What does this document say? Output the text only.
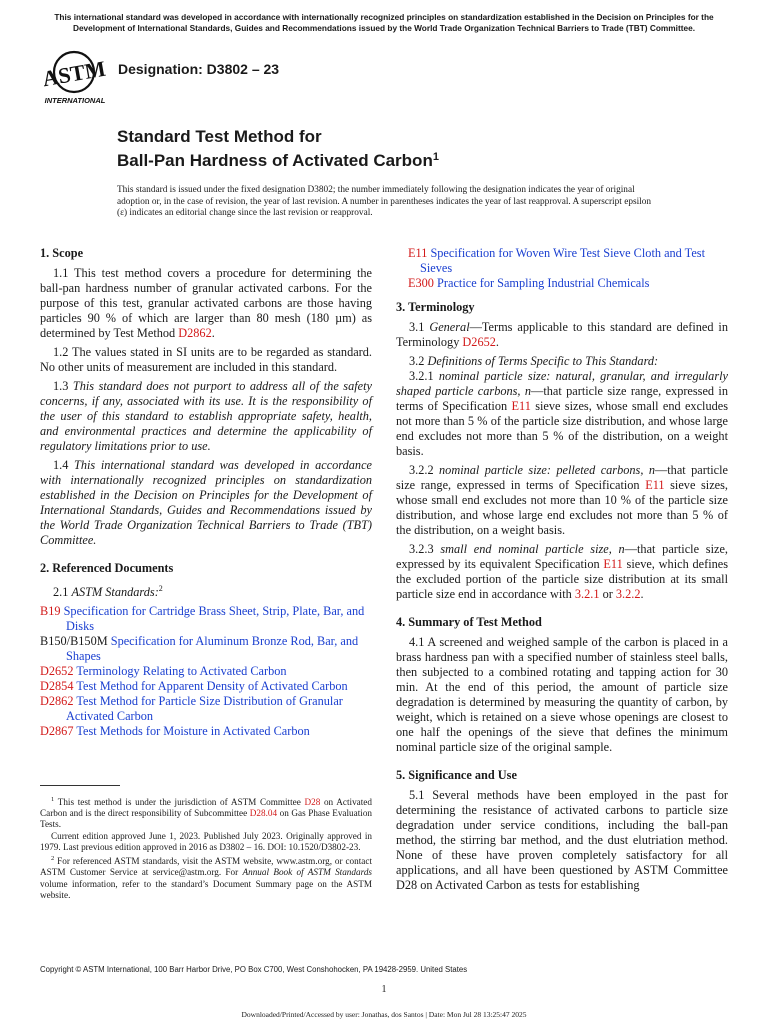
This international standard was developed in accordance with internationally recognized principles on standardization established in the Decision on Principles for the Development of International Standards, Guides and Recommendations issued by the World Trade Organization Technical Barriers to Trade (TBT) Committee.
ASTM
INTERNATIONAL
Designation: D3802 – 23
Standard Test Method for
Ball-Pan Hardness of Activated Carbon$^1$
This standard is issued under the fixed designation D3802; the number immediately following the designation indicates the year of original adoption or, in the case of revision, the year of last revision. A number in parentheses indicates the year of last reapproval. A superscript epsilon (ε) indicates an editorial change since the last revision or reapproval.
1. Scope

1.1 This test method covers a procedure for determining the ball-pan hardness number of granular activated carbons. For the purpose of this test, granular activated carbons are those having particles 90 % of which are larger than 80 mesh (180 µm) as determined by Test Method D2862.

1.2 The values stated in SI units are to be regarded as standard. No other units of measurement are included in this standard.

1.3 This standard does not purport to address all of the safety concerns, if any, associated with its use. It is the responsibility of the user of this standard to establish appropriate safety, health, and environmental practices and determine the applicability of regulatory limitations prior to use.

1.4 This international standard was developed in accordance with internationally recognized principles on standardization established in the Decision on Principles for the Development of International Standards, Guides and Recommendations issued by the World Trade Organization Technical Barriers to Trade (TBT) Committee.

2. Referenced Documents

2.1 ASTM Standards:$^2$

B19 Specification for Cartridge Brass Sheet, Strip, Plate, Bar, and Disks
B150/B150M Specification for Aluminum Bronze Rod, Bar, and Shapes
D2652 Terminology Relating to Activated Carbon
D2854 Test Method for Apparent Density of Activated Carbon
D2862 Test Method for Particle Size Distribution of Granular Activated Carbon
D2867 Test Methods for Moisture in Activated Carbon

$^1$ This test method is under the jurisdiction of ASTM Committee D28 on Activated Carbon and is the direct responsibility of Subcommittee D28.04 on Gas Phase Evaluation Tests.

Current edition approved June 1, 2023. Published July 2023. Originally approved in 1979. Last previous edition approved in 2016 as D3802 – 16. DOI: 10.1520/D3802-23.

$^2$ For referenced ASTM standards, visit the ASTM website, www.astm.org, or contact ASTM Customer Service at service@astm.org. For Annual Book of ASTM Standards volume information, refer to the standard’s Document Summary page on the ASTM website.

E11 Specification for Woven Wire Test Sieve Cloth and Test Sieves
E300 Practice for Sampling Industrial Chemicals
3. Terminology

3.1 General—Terms applicable to this standard are defined in Terminology D2652.

3.2 Definitions of Terms Specific to This Standard:

3.2.1 nominal particle size: natural, granular, and irregularly shaped particle carbons, n—that particle size range, expressed in terms of Specification E11 sieve sizes, whose small end excludes not more than 5 % of the particle size distribution, and whose large end excludes not more than 5 % of the distribution, on a weight basis.

3.2.2 nominal particle size: pelleted carbons, n—that particle size range, expressed in terms of Specification E11 sieve sizes, whose small end excludes not more than 10 % of the particle size distribution, and whose large end excludes not more than 5 % of the distribution, on a weight basis.

3.2.3 small end nominal particle size, n—that particle size, expressed by its equivalent Specification E11 sieve, which defines the excluded portion of the particle size distribution at its small particle size end in accordance with 3.2.1 or 3.2.2.

4. Summary of Test Method

4.1 A screened and weighed sample of the carbon is placed in a brass hardness pan with a specified number of stainless steel balls, then subjected to a combined rotating and tapping action for 30 min. At the end of this period, the amount of particle size degradation is determined by measuring the quantity of carbon, by weight, which is retained on a sieve whose openings are closest to one half the openings of the sieve that defines the minimum nominal particle size of the original sample.

5. Significance and Use

5.1 Several methods have been employed in the past for determining the resistance of activated carbons to particle size degradation under service conditions, including the ball-pan method, the stirring bar method, and the dust elutriation method. None of these have proven completely satisfactory for all applications, and all have been questioned by ASTM Committee D28 on Activated Carbon as tests for establishing

Copyright © ASTM International, 100 Barr Harbor Drive, PO Box C700, West Conshohocken, PA 19428-2959. United States
1
Downloaded/Printed/Accessed by user: Jonathas, dos Santos | Date: Mon Jul 28 13:25:47 2025
